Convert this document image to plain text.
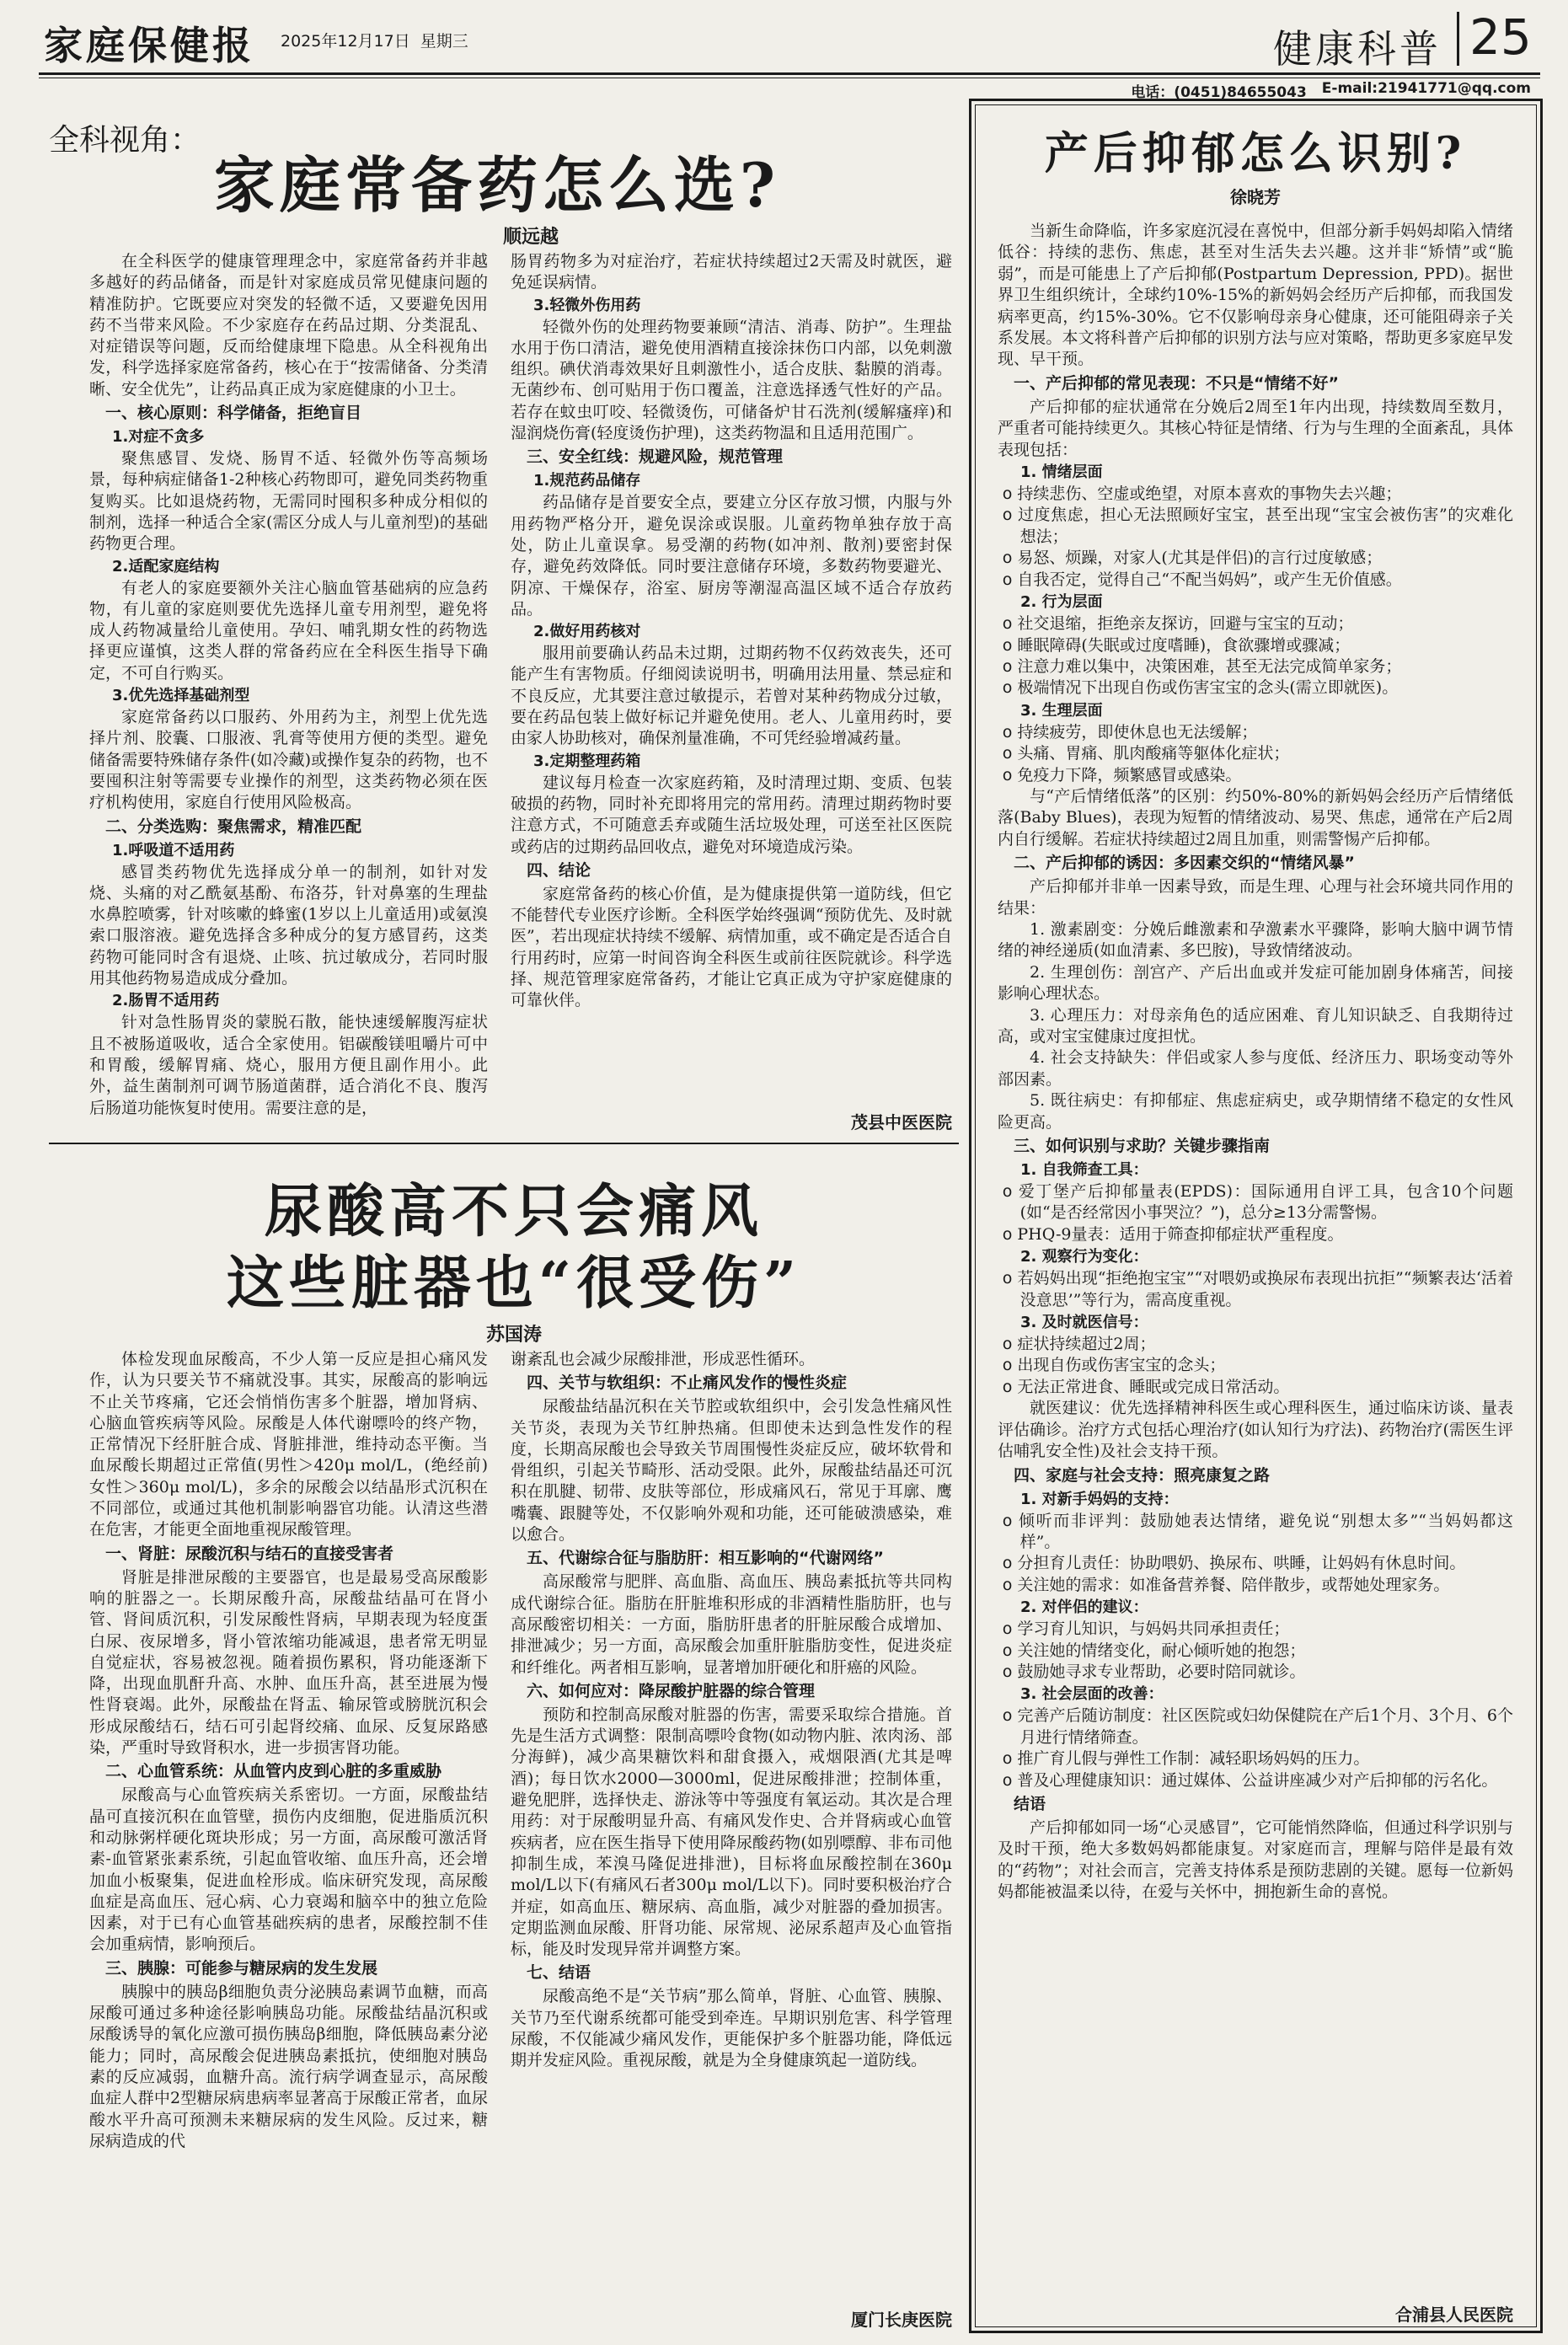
家庭保健报 2025年12月17日 星期三	健康科普 25
电话：(0451)84655043 E-mail:21941771@qq.com
全科视角：
家庭常备药怎么选?
顺远越

在全科医学的健康管理理念中，家庭常备药并非越多越好的药品储备，而是针对家庭成员常见健康问题的精准防护。它既要应对突发的轻微不适，又要避免因用药不当带来风险。不少家庭存在药品过期、分类混乱、对症错误等问题，反而给健康埋下隐患。从全科视角出发，科学选择家庭常备药，核心在于“按需储备、分类清晰、安全优先”，让药品真正成为家庭健康的小卫士。

一、核心原则：科学储备，拒绝盲目
1.对症不贪多

聚焦感冒、发烧、肠胃不适、轻微外伤等高频场景，每种病症储备1-2种核心药物即可，避免同类药物重复购买。比如退烧药物，无需同时囤积多种成分相似的制剂，选择一种适合全家(需区分成人与儿童剂型)的基础药物更合理。

2.适配家庭结构

有老人的家庭要额外关注心脑血管基础病的应急药物，有儿童的家庭则要优先选择儿童专用剂型，避免将成人药物减量给儿童使用。孕妇、哺乳期女性的药物选择更应谨慎，这类人群的常备药应在全科医生指导下确定，不可自行购买。

3.优先选择基础剂型

家庭常备药以口服药、外用药为主，剂型上优先选择片剂、胶囊、口服液、乳膏等使用方便的类型。避免储备需要特殊储存条件(如冷藏)或操作复杂的药物，也不要囤积注射等需要专业操作的剂型，这类药物必须在医疗机构使用，家庭自行使用风险极高。

二、分类选购：聚焦需求，精准匹配
1.呼吸道不适用药

感冒类药物优先选择成分单一的制剂，如针对发烧、头痛的对乙酰氨基酚、布洛芬，针对鼻塞的生理盐水鼻腔喷雾，针对咳嗽的蜂蜜(1岁以上儿童适用)或氨溴索口服溶液。避免选择含多种成分的复方感冒药，这类药物可能同时含有退烧、止咳、抗过敏成分，若同时服用其他药物易造成成分叠加。

2.肠胃不适用药

针对急性肠胃炎的蒙脱石散，能快速缓解腹泻症状且不被肠道吸收，适合全家使用。铝碳酸镁咀嚼片可中和胃酸，缓解胃痛、烧心，服用方便且副作用小。此外，益生菌制剂可调节肠道菌群，适合消化不良、腹泻后肠道功能恢复时使用。需要注意的是，

肠胃药物多为对症治疗，若症状持续超过2天需及时就医，避免延误病情。

3.轻微外伤用药

轻微外伤的处理药物要兼顾“清洁、消毒、防护”。生理盐水用于伤口清洁，避免使用酒精直接涂抹伤口内部，以免刺激组织。碘伏消毒效果好且刺激性小，适合皮肤、黏膜的消毒。无菌纱布、创可贴用于伤口覆盖，注意选择透气性好的产品。若存在蚊虫叮咬、轻微烫伤，可储备炉甘石洗剂(缓解瘙痒)和湿润烧伤膏(轻度烫伤护理)，这类药物温和且适用范围广。

三、安全红线：规避风险，规范管理
1.规范药品储存

药品储存是首要安全点，要建立分区存放习惯，内服与外用药物严格分开，避免误涂或误服。儿童药物单独存放于高处，防止儿童误拿。易受潮的药物(如冲剂、散剂)要密封保存，避免药效降低。同时要注意储存环境，多数药物要避光、阴凉、干燥保存，浴室、厨房等潮湿高温区域不适合存放药品。

2.做好用药核对

服用前要确认药品未过期，过期药物不仅药效丧失，还可能产生有害物质。仔细阅读说明书，明确用法用量、禁忌症和不良反应，尤其要注意过敏提示，若曾对某种药物成分过敏，要在药品包装上做好标记并避免使用。老人、儿童用药时，要由家人协助核对，确保剂量准确，不可凭经验增减药量。

3.定期整理药箱

建议每月检查一次家庭药箱，及时清理过期、变质、包装破损的药物，同时补充即将用完的常用药。清理过期药物时要注意方式，不可随意丢弃或随生活垃圾处理，可送至社区医院或药店的过期药品回收点，避免对环境造成污染。

四、结论

家庭常备药的核心价值，是为健康提供第一道防线，但它不能替代专业医疗诊断。全科医学始终强调“预防优先、及时就医”，若出现症状持续不缓解、病情加重，或不确定是否适合自行用药时，应第一时间咨询全科医生或前往医院就诊。科学选择、规范管理家庭常备药，才能让它真正成为守护家庭健康的可靠伙伴。

茂县中医医院
尿酸高不只会痛风
这些脏器也“很受伤”
苏国涛

体检发现血尿酸高，不少人第一反应是担心痛风发作，认为只要关节不痛就没事。其实，尿酸高的影响远不止关节疼痛，它还会悄悄伤害多个脏器，增加肾病、心脑血管疾病等风险。尿酸是人体代谢嘌呤的终产物，正常情况下经肝脏合成、肾脏排泄，维持动态平衡。当血尿酸长期超过正常值(男性＞420μ mol/L，(绝经前)女性＞360μ mol/L)，多余的尿酸会以结晶形式沉积在不同部位，或通过其他机制影响器官功能。认清这些潜在危害，才能更全面地重视尿酸管理。

一、肾脏：尿酸沉积与结石的直接受害者

肾脏是排泄尿酸的主要器官，也是最易受高尿酸影响的脏器之一。长期尿酸升高，尿酸盐结晶可在肾小管、肾间质沉积，引发尿酸性肾病，早期表现为轻度蛋白尿、夜尿增多，肾小管浓缩功能减退，患者常无明显自觉症状，容易被忽视。随着损伤累积，肾功能逐渐下降，出现血肌酐升高、水肿、血压升高，甚至进展为慢性肾衰竭。此外，尿酸盐在肾盂、输尿管或膀胱沉积会形成尿酸结石，结石可引起肾绞痛、血尿、反复尿路感染，严重时导致肾积水，进一步损害肾功能。

二、心血管系统：从血管内皮到心脏的多重威胁

尿酸高与心血管疾病关系密切。一方面，尿酸盐结晶可直接沉积在血管壁，损伤内皮细胞，促进脂质沉积和动脉粥样硬化斑块形成；另一方面，高尿酸可激活肾素-血管紧张素系统，引起血管收缩、血压升高，还会增加血小板聚集，促进血栓形成。临床研究发现，高尿酸血症是高血压、冠心病、心力衰竭和脑卒中的独立危险因素，对于已有心血管基础疾病的患者，尿酸控制不佳会加重病情，影响预后。

三、胰腺：可能参与糖尿病的发生发展

胰腺中的胰岛β细胞负责分泌胰岛素调节血糖，而高尿酸可通过多种途径影响胰岛功能。尿酸盐结晶沉积或尿酸诱导的氧化应激可损伤胰岛β细胞，降低胰岛素分泌能力；同时，高尿酸会促进胰岛素抵抗，使细胞对胰岛素的反应减弱，血糖升高。流行病学调查显示，高尿酸血症人群中2型糖尿病患病率显著高于尿酸正常者，血尿酸水平升高可预测未来糖尿病的发生风险。反过来，糖尿病造成的代

谢紊乱也会减少尿酸排泄，形成恶性循环。

四、关节与软组织：不止痛风发作的慢性炎症

尿酸盐结晶沉积在关节腔或软组织中，会引发急性痛风性关节炎，表现为关节红肿热痛。但即使未达到急性发作的程度，长期高尿酸也会导致关节周围慢性炎症反应，破坏软骨和骨组织，引起关节畸形、活动受限。此外，尿酸盐结晶还可沉积在肌腱、韧带、皮肤等部位，形成痛风石，常见于耳廓、鹰嘴囊、跟腱等处，不仅影响外观和功能，还可能破溃感染，难以愈合。

五、代谢综合征与脂肪肝：相互影响的“代谢网络”

高尿酸常与肥胖、高血脂、高血压、胰岛素抵抗等共同构成代谢综合征。脂肪在肝脏堆积形成的非酒精性脂肪肝，也与高尿酸密切相关：一方面，脂肪肝患者的肝脏尿酸合成增加、排泄减少；另一方面，高尿酸会加重肝脏脂肪变性，促进炎症和纤维化。两者相互影响，显著增加肝硬化和肝癌的风险。

六、如何应对：降尿酸护脏器的综合管理

预防和控制高尿酸对脏器的伤害，需要采取综合措施。首先是生活方式调整：限制高嘌呤食物(如动物内脏、浓肉汤、部分海鲜)，减少高果糖饮料和甜食摄入，戒烟限酒(尤其是啤酒)；每日饮水2000—3000ml，促进尿酸排泄；控制体重，避免肥胖，选择快走、游泳等中等强度有氧运动。其次是合理用药：对于尿酸明显升高、有痛风发作史、合并肾病或心血管疾病者，应在医生指导下使用降尿酸药物(如别嘌醇、非布司他抑制生成，苯溴马隆促进排泄)，目标将血尿酸控制在360μ mol/L以下(有痛风石者300μ mol/L以下)。同时要积极治疗合并症，如高血压、糖尿病、高血脂，减少对脏器的叠加损害。定期监测血尿酸、肝肾功能、尿常规、泌尿系超声及心血管指标，能及时发现异常并调整方案。

七、结语

尿酸高绝不是“关节病”那么简单，肾脏、心血管、胰腺、关节乃至代谢系统都可能受到牵连。早期识别危害、科学管理尿酸，不仅能减少痛风发作，更能保护多个脏器功能，降低远期并发症风险。重视尿酸，就是为全身健康筑起一道防线。

厦门长庚医院
产后抑郁怎么识别?
徐晓芳

当新生命降临，许多家庭沉浸在喜悦中，但部分新手妈妈却陷入情绪低谷：持续的悲伤、焦虑，甚至对生活失去兴趣。这并非“矫情”或“脆弱”，而是可能患上了产后抑郁(Postpartum Depression, PPD)。据世界卫生组织统计，全球约10%-15%的新妈妈会经历产后抑郁，而我国发病率更高，约15%-30%。它不仅影响母亲身心健康，还可能阻碍亲子关系发展。本文将科普产后抑郁的识别方法与应对策略，帮助更多家庭早发现、早干预。

一、产后抑郁的常见表现：不只是“情绪不好”

产后抑郁的症状通常在分娩后2周至1年内出现，持续数周至数月，严重者可能持续更久。其核心特征是情绪、行为与生理的全面紊乱，具体表现包括：

1. 情绪层面
o 持续悲伤、空虚或绝望，对原本喜欢的事物失去兴趣；
o 过度焦虑，担心无法照顾好宝宝，甚至出现“宝宝会被伤害”的灾难化想法；
o 易怒、烦躁，对家人(尤其是伴侣)的言行过度敏感；
o 自我否定，觉得自己“不配当妈妈”，或产生无价值感。
2. 行为层面
o 社交退缩，拒绝亲友探访，回避与宝宝的互动；
o 睡眠障碍(失眠或过度嗜睡)，食欲骤增或骤减；
o 注意力难以集中，决策困难，甚至无法完成简单家务；
o 极端情况下出现自伤或伤害宝宝的念头(需立即就医)。
3. 生理层面
o 持续疲劳，即使休息也无法缓解；
o 头痛、胃痛、肌肉酸痛等躯体化症状；
o 免疫力下降，频繁感冒或感染。

与“产后情绪低落”的区别：约50%-80%的新妈妈会经历产后情绪低落(Baby Blues)，表现为短暂的情绪波动、易哭、焦虑，通常在产后2周内自行缓解。若症状持续超过2周且加重，则需警惕产后抑郁。

二、产后抑郁的诱因：多因素交织的“情绪风暴”

产后抑郁并非单一因素导致，而是生理、心理与社会环境共同作用的结果：

1. 激素剧变：分娩后雌激素和孕激素水平骤降，影响大脑中调节情绪的神经递质(如血清素、多巴胺)，导致情绪波动。

2. 生理创伤：剖宫产、产后出血或并发症可能加剧身体痛苦，间接影响心理状态。

3. 心理压力：对母亲角色的适应困难、育儿知识缺乏、自我期待过高，或对宝宝健康过度担忧。

4. 社会支持缺失：伴侣或家人参与度低、经济压力、职场变动等外部因素。

5. 既往病史：有抑郁症、焦虑症病史，或孕期情绪不稳定的女性风险更高。

三、如何识别与求助？关键步骤指南
1. 自我筛查工具：
o 爱丁堡产后抑郁量表(EPDS)：国际通用自评工具，包含10个问题(如“是否经常因小事哭泣？”)，总分≥13分需警惕。
o PHQ-9量表：适用于筛查抑郁症状严重程度。
2. 观察行为变化：
o 若妈妈出现“拒绝抱宝宝”“对喂奶或换尿布表现出抗拒”“频繁表达‘活着没意思’”等行为，需高度重视。
3. 及时就医信号：
o 症状持续超过2周；
o 出现自伤或伤害宝宝的念头；
o 无法正常进食、睡眠或完成日常活动。

就医建议：优先选择精神科医生或心理科医生，通过临床访谈、量表评估确诊。治疗方式包括心理治疗(如认知行为疗法)、药物治疗(需医生评估哺乳安全性)及社会支持干预。

四、家庭与社会支持：照亮康复之路
1. 对新手妈妈的支持：
o 倾听而非评判：鼓励她表达情绪，避免说“别想太多”“当妈妈都这样”。
o 分担育儿责任：协助喂奶、换尿布、哄睡，让妈妈有休息时间。
o 关注她的需求：如准备营养餐、陪伴散步，或帮她处理家务。
2. 对伴侣的建议：
o 学习育儿知识，与妈妈共同承担责任；
o 关注她的情绪变化，耐心倾听她的抱怨；
o 鼓励她寻求专业帮助，必要时陪同就诊。
3. 社会层面的改善：
o 完善产后随访制度：社区医院或妇幼保健院在产后1个月、3个月、6个月进行情绪筛查。
o 推广育儿假与弹性工作制：减轻职场妈妈的压力。
o 普及心理健康知识：通过媒体、公益讲座减少对产后抑郁的污名化。
结语

产后抑郁如同一场“心灵感冒”，它可能悄然降临，但通过科学识别与及时干预，绝大多数妈妈都能康复。对家庭而言，理解与陪伴是最有效的“药物”；对社会而言，完善支持体系是预防悲剧的关键。愿每一位新妈妈都能被温柔以待，在爱与关怀中，拥抱新生命的喜悦。

合浦县人民医院
